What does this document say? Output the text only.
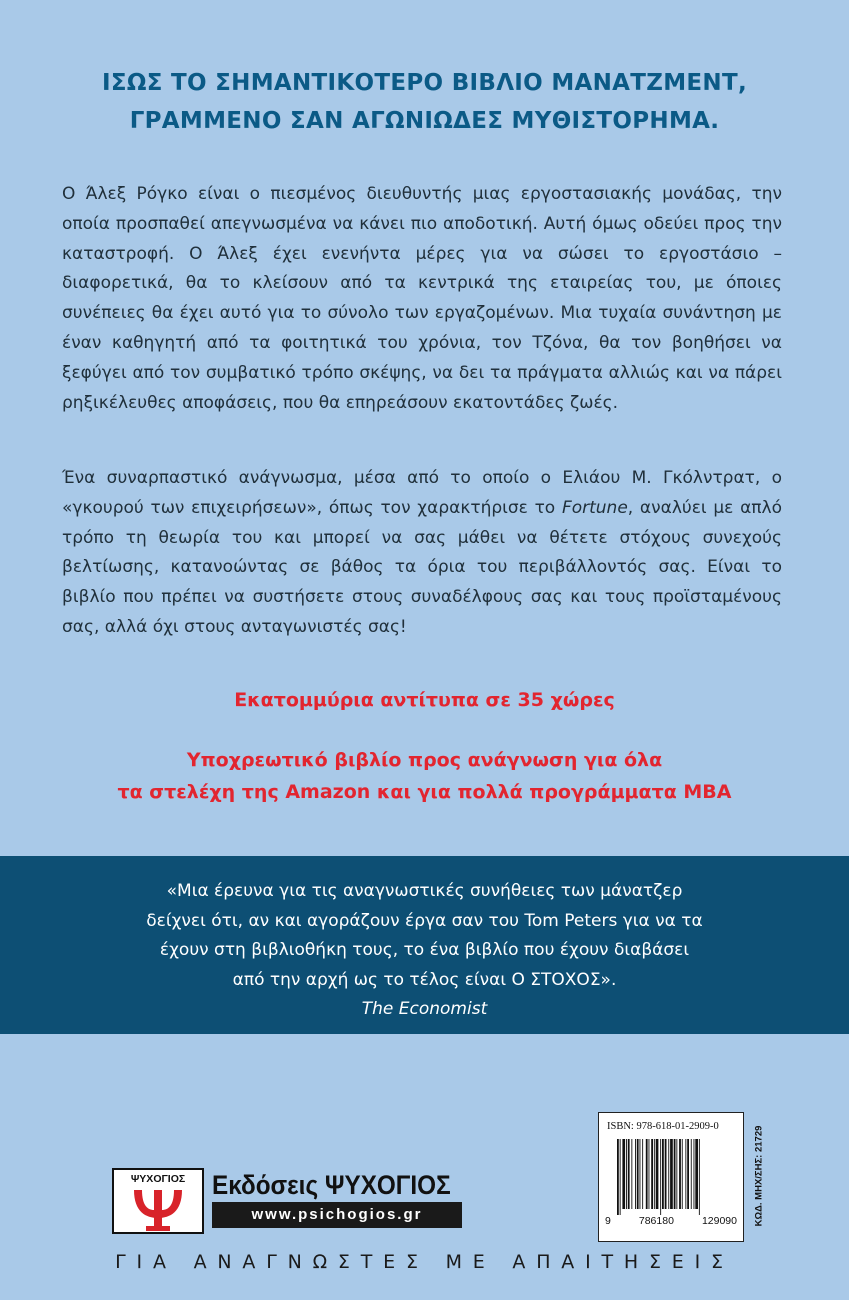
ΙΣΩΣ ΤΟ ΣΗΜΑΝΤΙΚΟΤΕΡΟ ΒΙΒΛΙΟ ΜΑΝΑΤΖΜΕΝΤ,
ΓΡΑΜΜΕΝΟ ΣΑΝ ΑΓΩΝΙΩΔΕΣ ΜΥΘΙΣΤΟΡΗΜΑ.

Ο Άλεξ Ρόγκο είναι ο πιεσμένος διευθυντής μιας εργοστασιακής μονάδας, την οποία προσπαθεί απεγνωσμένα να κάνει πιο αποδοτική. Αυτή όμως οδεύει προς την καταστροφή. Ο Άλεξ έχει ενενήντα μέρες για να σώσει το εργοστάσιο – διαφορετικά, θα το κλείσουν από τα κεντρικά της εταιρείας του, με όποιες συνέπειες θα έχει αυτό για το σύνολο των εργαζομένων. Μια τυχαία συνάντηση με έναν καθηγητή από τα φοιτητικά του χρόνια, τον Τζόνα, θα τον βοηθήσει να ξεφύγει από τον συμβατικό τρόπο σκέψης, να δει τα πράγματα αλλιώς και να πάρει ρηξικέλευθες αποφάσεις, που θα επηρεάσουν εκατοντάδες ζωές.

Ένα συναρπαστικό ανάγνωσμα, μέσα από το οποίο ο Ελιάου Μ. Γκόλντρατ, ο «γκουρού των επιχειρήσεων», όπως τον χαρακτήρισε το Fortune, αναλύει με απλό τρόπο τη θεωρία του και μπορεί να σας μάθει να θέτετε στόχους συνεχούς βελτίωσης, κατανοώντας σε βάθος τα όρια του περιβάλλοντός σας. Είναι το βιβλίο που πρέπει να συστήσετε στους συναδέλφους σας και τους προϊσταμένους σας, αλλά όχι στους ανταγωνιστές σας!

Εκατομμύρια αντίτυπα σε 35 χώρες
Υποχρεωτικό βιβλίο προς ανάγνωση για όλα
τα στελέχη της Amazon και για πολλά προγράμματα MBA
«Μια έρευνα για τις αναγνωστικές συνήθειες των μάνατζερ
δείχνει ότι, αν και αγοράζουν έργα σαν του Tom Peters για να τα
έχουν στη βιβλιοθήκη τους, το ένα βιβλίο που έχουν διαβάσει
από την αρχή ως το τέλος είναι Ο ΣΤΟΧΟΣ».
The Economist
ISBN: 978-618-01-2909-0
9	786180	129090 ΚΩΔ. ΜΗΧ/ΣΗΣ: 21729
ΨΥΧΟΓΙΟΣ Εκδόσεις ΨΥΧΟΓΙΟΣ
www.psichogios.gr
ΓΙΑ ΑΝΑΓΝΩΣΤΕΣ ΜΕ ΑΠΑΙΤΗΣΕΙΣ
